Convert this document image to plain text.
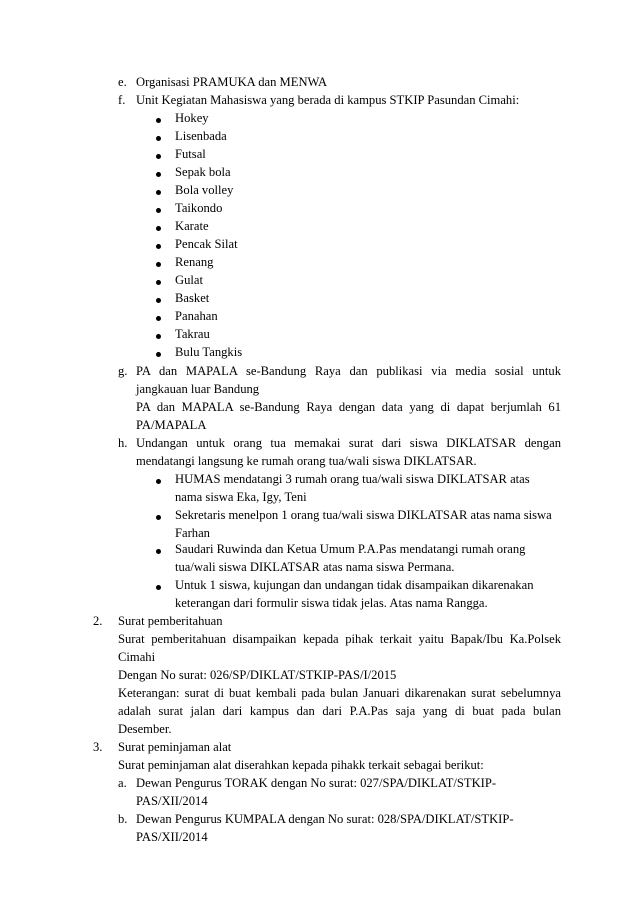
e. Organisasi PRAMUKA dan MENWA
f. Unit Kegiatan Mahasiswa yang berada di kampus STKIP Pasundan Cimahi:
Hokey
Lisenbada
Futsal
Sepak bola
Bola volley
Taikondo
Karate
Pencak Silat
Renang
Gulat
Basket
Panahan
Takrau
Bulu Tangkis
g. PA dan MAPALA se-Bandung Raya dan publikasi via media sosial untuk
jangkauan luar Bandung
PA dan MAPALA se-Bandung Raya dengan data yang di dapat berjumlah 61
PA/MAPALA
h. Undangan untuk orang tua memakai surat dari siswa DIKLATSAR dengan
mendatangi langsung ke rumah orang tua/wali siswa DIKLATSAR.
HUMAS mendatangi 3 rumah orang tua/wali siswa DIKLATSAR atas
nama siswa Eka, Igy, Teni
Sekretaris menelpon 1 orang tua/wali siswa DIKLATSAR atas nama siswa
Farhan
Saudari Ruwinda dan Ketua Umum P.A.Pas mendatangi rumah orang
tua/wali siswa DIKLATSAR atas nama siswa Permana.
Untuk 1 siswa, kujungan dan undangan tidak disampaikan dikarenakan
keterangan dari formulir siswa tidak jelas. Atas nama Rangga.
2. Surat pemberitahuan
Surat pemberitahuan disampaikan kepada pihak terkait yaitu Bapak/Ibu Ka.Polsek
Cimahi
Dengan No surat: 026/SP/DIKLAT/STKIP-PAS/I/2015
Keterangan: surat di buat kembali pada bulan Januari dikarenakan surat sebelumnya
adalah surat jalan dari kampus dan dari P.A.Pas saja yang di buat pada bulan
Desember.
3. Surat peminjaman alat
Surat peminjaman alat diserahkan kepada pihakk terkait sebagai berikut:
a. Dewan Pengurus TORAK dengan No surat: 027/SPA/DIKLAT/STKIP-
PAS/XII/2014
b. Dewan Pengurus KUMPALA dengan No surat: 028/SPA/DIKLAT/STKIP-
PAS/XII/2014
